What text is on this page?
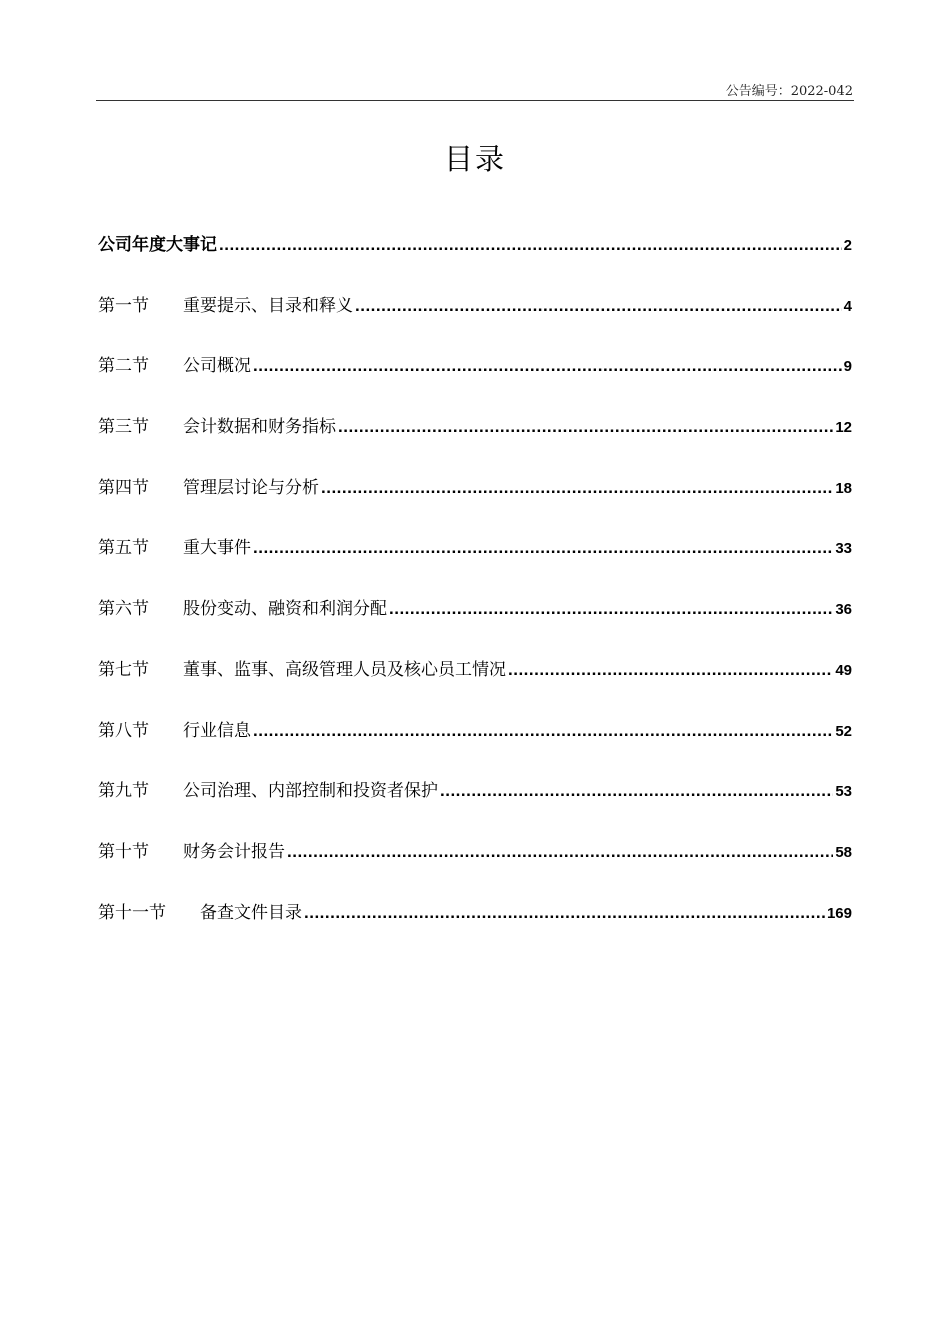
公告编号：2022-042
目录
公司年度大事记 .....	2
第一节	重要提示、目录和释义 .....	4
第二节	公司概况 .....	9
第三节	会计数据和财务指标 .....	12
第四节	管理层讨论与分析 .....	18
第五节	重大事件 .....	33
第六节	股份变动、融资和利润分配 .....	36
第七节	董事、监事、高级管理人员及核心员工情况 .....	49
第八节	行业信息 .....	52
第九节	公司治理、内部控制和投资者保护 .....	53
第十节	财务会计报告 .....	58
第十一节	备查文件目录 .....	169
